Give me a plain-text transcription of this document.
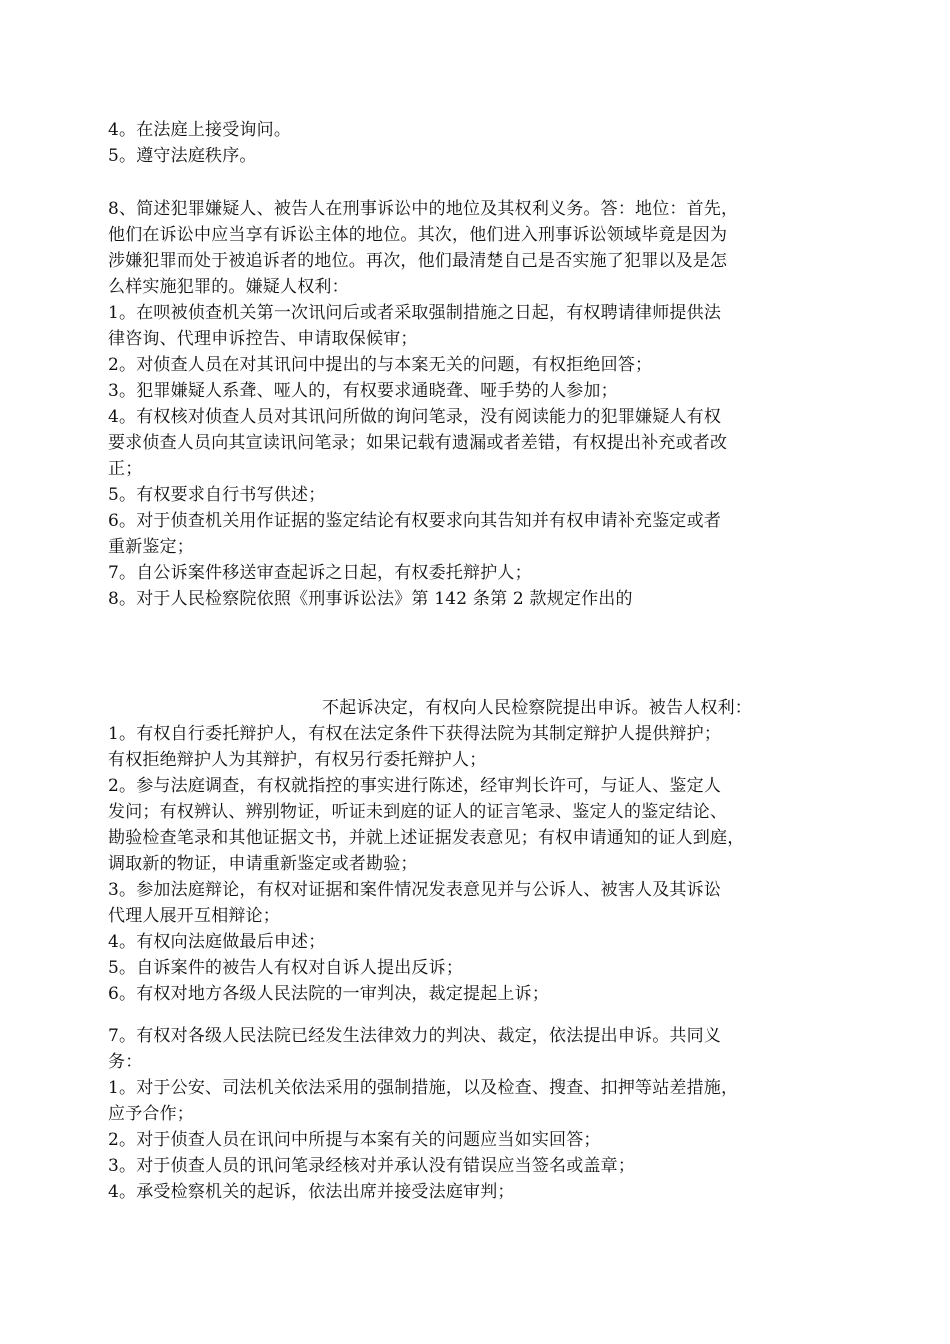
4。在法庭上接受询问。
5。遵守法庭秩序。
8、简述犯罪嫌疑人、被告人在刑事诉讼中的地位及其权利义务。答：地位：首先，
他们在诉讼中应当享有诉讼主体的地位。其次，他们进入刑事诉讼领域毕竟是因为
涉嫌犯罪而处于被追诉者的地位。再次，他们最清楚自己是否实施了犯罪以及是怎
么样实施犯罪的。嫌疑人权利：
1。在呗被侦查机关第一次讯问后或者采取强制措施之日起，有权聘请律师提供法
律咨询、代理申诉控告、申请取保候审；
2。对侦查人员在对其讯问中提出的与本案无关的问题，有权拒绝回答；
3。犯罪嫌疑人系聋、哑人的，有权要求通晓聋、哑手势的人参加；
4。有权核对侦查人员对其讯问所做的询问笔录，没有阅读能力的犯罪嫌疑人有权
要求侦查人员向其宣读讯问笔录；如果记载有遗漏或者差错，有权提出补充或者改
正；
5。有权要求自行书写供述；
6。对于侦查机关用作证据的鉴定结论有权要求向其告知并有权申请补充鉴定或者
重新鉴定；
7。自公诉案件移送审查起诉之日起，有权委托辩护人；
8。对于人民检察院依照《刑事诉讼法》第 142 条第 2 款规定作出的
不起诉决定，有权向人民检察院提出申诉。被告人权利：
1。有权自行委托辩护人，有权在法定条件下获得法院为其制定辩护人提供辩护；
有权拒绝辩护人为其辩护，有权另行委托辩护人；
2。参与法庭调查，有权就指控的事实进行陈述，经审判长许可，与证人、鉴定人
发问；有权辨认、辨别物证，听证未到庭的证人的证言笔录、鉴定人的鉴定结论、
勘验检查笔录和其他证据文书，并就上述证据发表意见；有权申请通知的证人到庭，
调取新的物证，申请重新鉴定或者勘验；
3。参加法庭辩论，有权对证据和案件情况发表意见并与公诉人、被害人及其诉讼
代理人展开互相辩论；
4。有权向法庭做最后申述；
5。自诉案件的被告人有权对自诉人提出反诉；
6。有权对地方各级人民法院的一审判决，裁定提起上诉；
7。有权对各级人民法院已经发生法律效力的判决、裁定，依法提出申诉。共同义
务：
1。对于公安、司法机关依法采用的强制措施，以及检查、搜查、扣押等站差措施，
应予合作；
2。对于侦查人员在讯问中所提与本案有关的问题应当如实回答；
3。对于侦查人员的讯问笔录经核对并承认没有错误应当签名或盖章；
4。承受检察机关的起诉，依法出席并接受法庭审判；
